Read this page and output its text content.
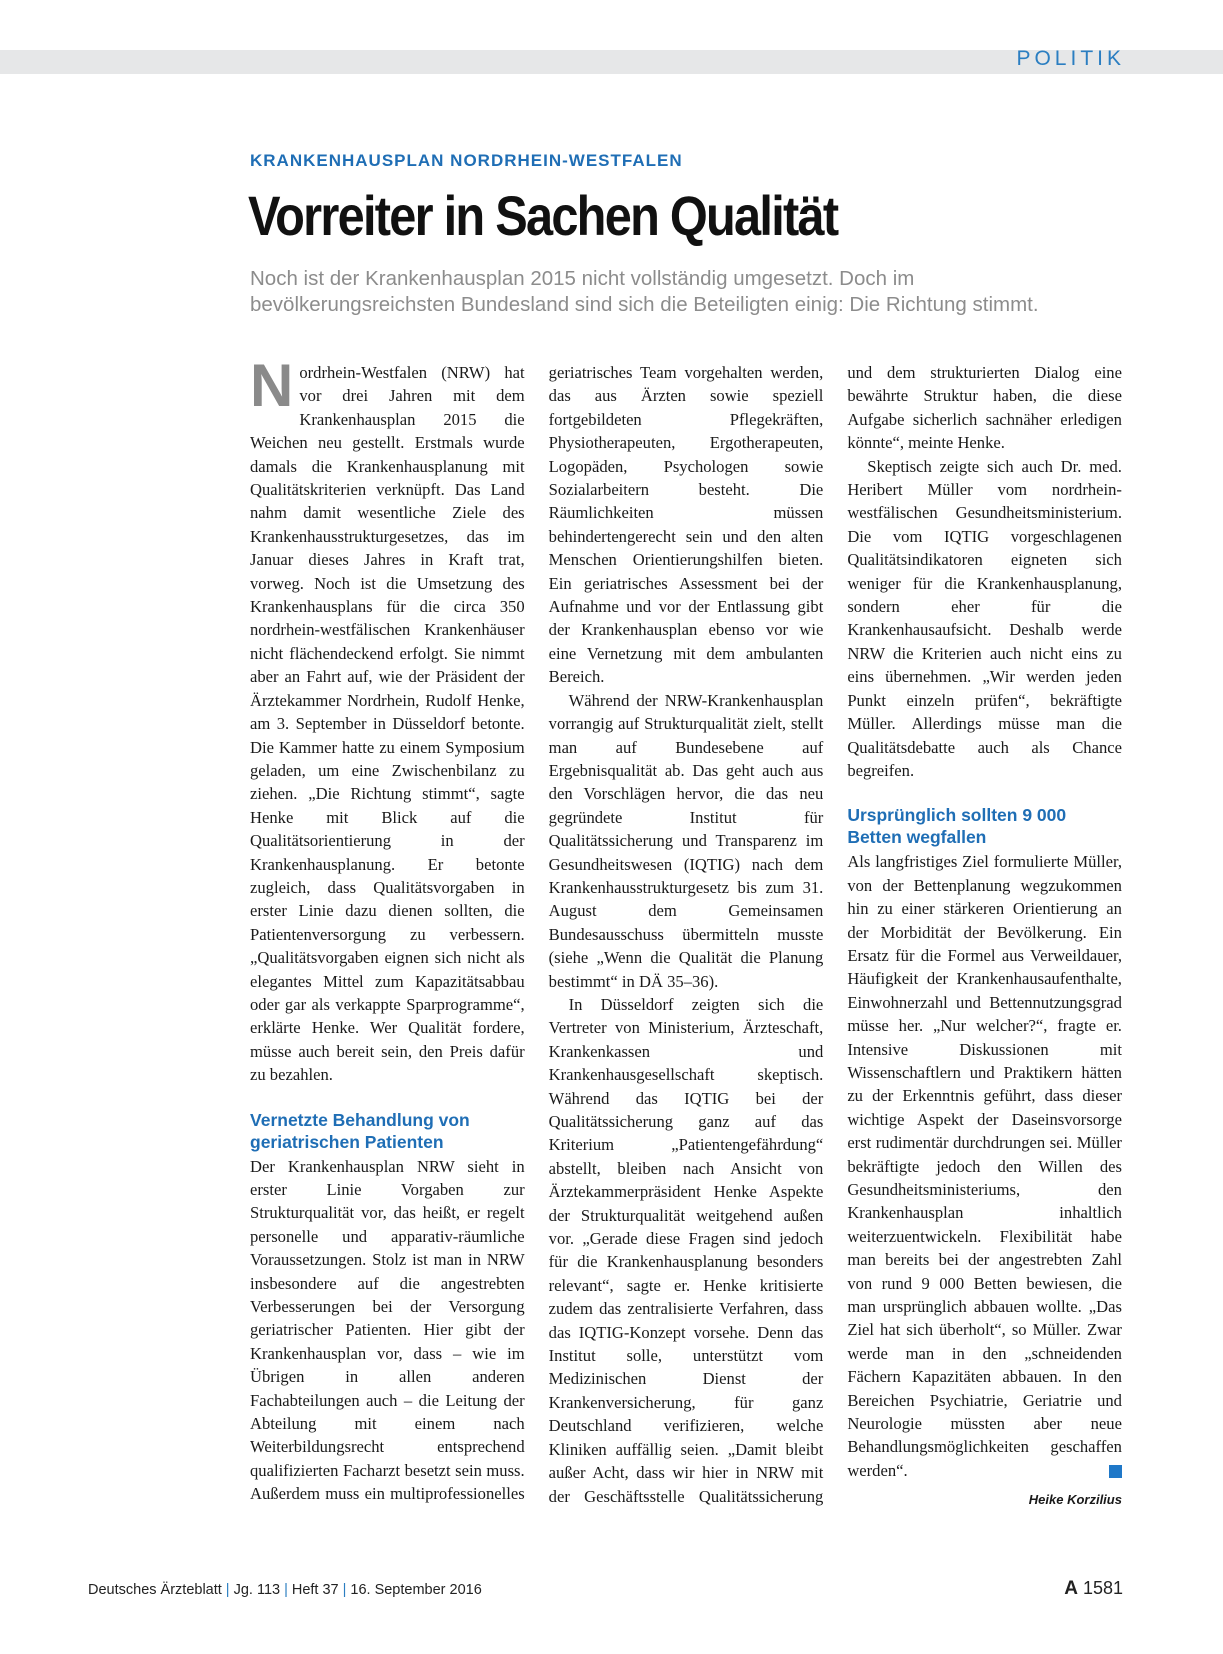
POLITIK
KRANKENHAUSPLAN NORDRHEIN-WESTFALEN
Vorreiter in Sachen Qualität
Noch ist der Krankenhausplan 2015 nicht vollständig umgesetzt. Doch im bevölkerungsreichsten Bundesland sind sich die Beteiligten einig: Die Richtung stimmt.

Nordrhein-Westfalen (NRW) hat vor drei Jahren mit dem Krankenhausplan 2015 die Weichen neu gestellt. Erstmals wurde damals die Krankenhausplanung mit Qualitätskriterien verknüpft. Das Land nahm damit wesentliche Ziele des Krankenhausstrukturgesetzes, das im Januar dieses Jahres in Kraft trat, vorweg. Noch ist die Umsetzung des Krankenhausplans für die circa 350 nordrhein-westfälischen Krankenhäuser nicht flächendeckend erfolgt. Sie nimmt aber an Fahrt auf, wie der Präsident der Ärztekammer Nordrhein, Rudolf Henke, am 3. September in Düsseldorf betonte. Die Kammer hatte zu einem Symposium geladen, um eine Zwischenbilanz zu ziehen. „Die Richtung stimmt“, sagte Henke mit Blick auf die Qualitätsorientierung in der Krankenhausplanung. Er betonte zugleich, dass Qualitätsvorgaben in erster Linie dazu dienen sollten, die Patientenversorgung zu verbessern. „Qualitätsvorgaben eignen sich nicht als elegantes Mittel zum Kapazitätsabbau oder gar als verkappte Sparprogramme“, erklärte Henke. Wer Qualität fordere, müsse auch bereit sein, den Preis dafür zu bezahlen.

Vernetzte Behandlung von geriatrischen Patienten

Der Krankenhausplan NRW sieht in erster Linie Vorgaben zur Strukturqualität vor, das heißt, er regelt personelle und apparativ-räumliche Voraussetzungen. Stolz ist man in NRW insbesondere auf die angestrebten Verbesserungen bei der Versorgung geriatrischer Patienten. Hier gibt der Krankenhausplan vor, dass – wie im Übrigen in allen anderen Fachabteilungen auch – die Leitung der Abteilung mit einem nach Weiterbildungsrecht entsprechend qualifizierten Facharzt besetzt sein muss. Außerdem muss ein multiprofessionelles geriatrisches Team vorgehalten werden, das aus Ärzten sowie speziell fortgebildeten Pflegekräften, Physiotherapeuten, Ergotherapeuten, Logopäden, Psychologen sowie Sozialarbeitern besteht. Die Räumlichkeiten müssen behindertengerecht sein und den alten Menschen Orientierungshilfen bieten. Ein geriatrisches Assessment bei der Aufnahme und vor der Entlassung gibt der Krankenhausplan ebenso vor wie eine Vernetzung mit dem ambulanten Bereich.

Während der NRW-Krankenhausplan vorrangig auf Strukturqualität zielt, stellt man auf Bundesebene auf Ergebnisqualität ab. Das geht auch aus den Vorschlägen hervor, die das neu gegründete Institut für Qualitätssicherung und Transparenz im Gesundheitswesen (IQTIG) nach dem Krankenhausstrukturgesetz bis zum 31. August dem Gemeinsamen Bundesausschuss übermitteln musste (siehe „Wenn die Qualität die Planung bestimmt“ in DÄ 35–36).

In Düsseldorf zeigten sich die Vertreter von Ministerium, Ärzteschaft, Krankenkassen und Krankenhausgesellschaft skeptisch. Während das IQTIG bei der Qualitätssicherung ganz auf das Kriterium „Patientengefährdung“ abstellt, bleiben nach Ansicht von Ärztekammerpräsident Henke Aspekte der Strukturqualität weitgehend außen vor. „Gerade diese Fragen sind jedoch für die Krankenhausplanung besonders relevant“, sagte er. Henke kritisierte zudem das zentralisierte Verfahren, dass das IQTIG-Konzept vorsehe. Denn das Institut solle, unterstützt vom Medizinischen Dienst der Krankenversicherung, für ganz Deutschland verifizieren, welche Kliniken auffällig seien. „Damit bleibt außer Acht, dass wir hier in NRW mit der Geschäftsstelle Qualitätssicherung und dem strukturierten Dialog eine bewährte Struktur haben, die diese Aufgabe sicherlich sachnäher erledigen könnte“, meinte Henke.

Skeptisch zeigte sich auch Dr. med. Heribert Müller vom nordrhein-westfälischen Gesundheitsministerium. Die vom IQTIG vorgeschlagenen Qualitätsindikatoren eigneten sich weniger für die Krankenhausplanung, sondern eher für die Krankenhausaufsicht. Deshalb werde NRW die Kriterien auch nicht eins zu eins übernehmen. „Wir werden jeden Punkt einzeln prüfen“, bekräftigte Müller. Allerdings müsse man die Qualitätsdebatte auch als Chance begreifen.

Ursprünglich sollten 9 000 Betten wegfallen

Als langfristiges Ziel formulierte Müller, von der Bettenplanung wegzukommen hin zu einer stärkeren Orientierung an der Morbidität der Bevölkerung. Ein Ersatz für die Formel aus Verweildauer, Häufigkeit der Krankenhausaufenthalte, Einwohnerzahl und Bettennutzungsgrad müsse her. „Nur welcher?“, fragte er. Intensive Diskussionen mit Wissenschaftlern und Praktikern hätten zu der Erkenntnis geführt, dass dieser wichtige Aspekt der Daseinsvorsorge erst rudimentär durchdrungen sei. Müller bekräftigte jedoch den Willen des Gesundheitsministeriums, den Krankenhausplan inhaltlich weiterzuentwickeln. Flexibilität habe man bereits bei der angestrebten Zahl von rund 9 000 Betten bewiesen, die man ursprünglich abbauen wollte. „Das Ziel hat sich überholt“, so Müller. Zwar werde man in den „schneidenden Fächern Kapazitäten abbauen. In den Bereichen Psychiatrie, Geriatrie und Neurologie müssten aber neue Behandlungsmöglichkeiten geschaffen werden“.

Heike Korzilius
Deutsches Ärzteblatt | Jg. 113 | Heft 37 | 16. September 2016	A 1581
